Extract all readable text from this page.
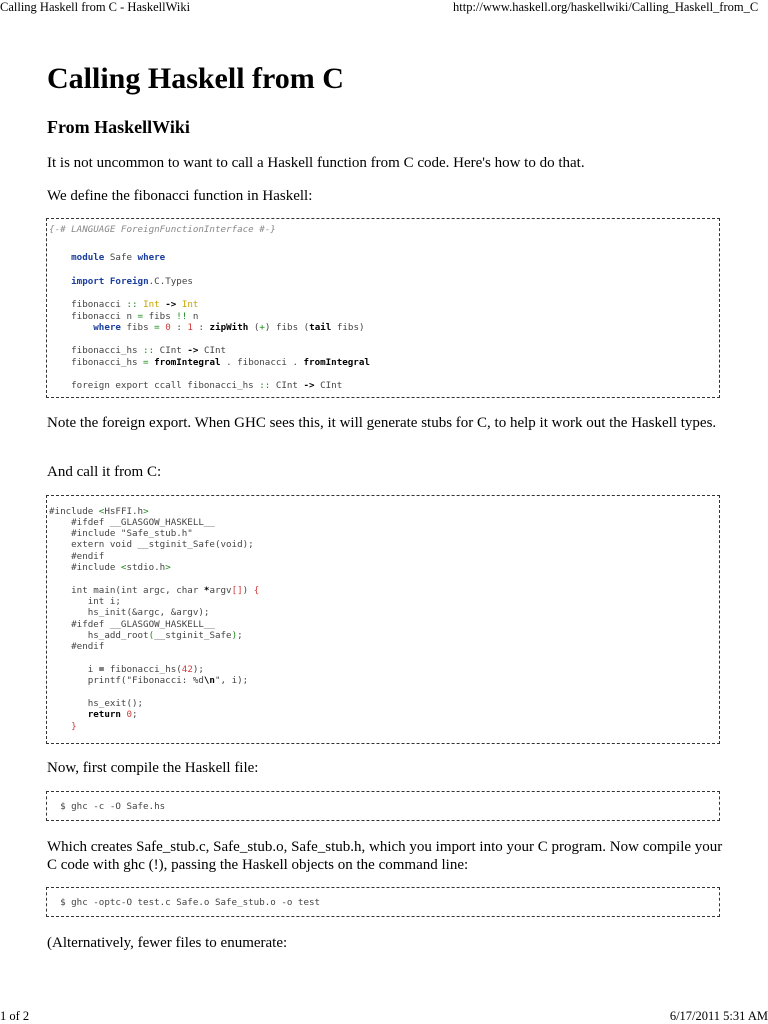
Calling Haskell from C - HaskellWiki	http://www.haskell.org/haskellwiki/Calling_Haskell_from_C
Calling Haskell from C
From HaskellWiki

It is not uncommon to want to call a Haskell function from C code. Here's how to do that.

We define the fibonacci function in Haskell:

{-# LANGUAGE ForeignFunctionInterface #-}
module Safe where
import Foreign.C.Types
fibonacci :: Int -> Int
fibonacci n = fibs !! n
where fibs = 0 : 1 : zipWith (+) fibs (tail fibs)
fibonacci_hs :: CInt -> CInt
fibonacci_hs = fromIntegral . fibonacci . fromIntegral
foreign export ccall fibonacci_hs :: CInt -> CInt

Note the foreign export. When GHC sees this, it will generate stubs for C, to help it work out the Haskell types.

And call it from C:

#include <HsFFI.h>
#ifdef __GLASGOW_HASKELL__
#include "Safe_stub.h"
extern void __stginit_Safe(void);
#endif
#include <stdio.h>
int main(int argc, char *argv[]) {
int i;
hs_init(&argc, &argv);
#ifdef __GLASGOW_HASKELL__
hs_add_root(__stginit_Safe);
#endif
i = fibonacci_hs(42);
printf("Fibonacci: %d\n", i);
hs_exit();
return 0;
}

Now, first compile the Haskell file:

$ ghc -c -O Safe.hs

Which creates Safe_stub.c, Safe_stub.o, Safe_stub.h, which you import into your C program. Now compile your C code with ghc (!), passing the Haskell objects on the command line:

$ ghc -optc-O test.c Safe.o Safe_stub.o -o test

(Alternatively, fewer files to enumerate:

1 of 2	6/17/2011 5:31 AM
